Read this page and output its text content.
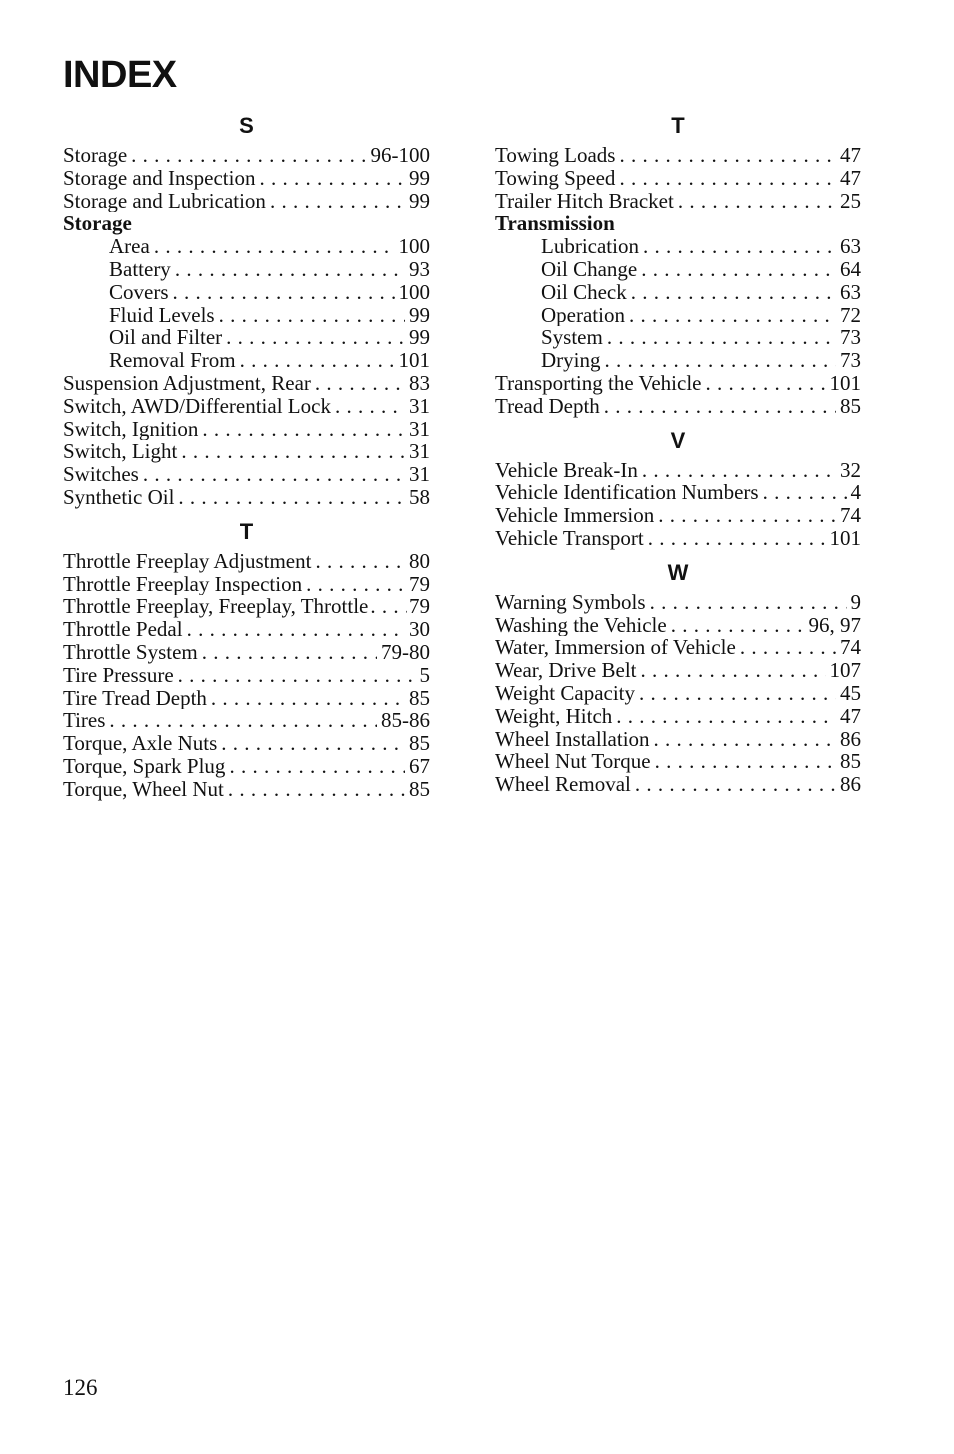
INDEX
S
Storage . . .	96-100
Storage and Inspection . . .	99
Storage and Lubrication . . .	99
Storage
Area . . .	100
Battery . . .	93
Covers . . .	100
Fluid Levels . . .	99
Oil and Filter . . .	99
Removal From . . .	101
Suspension Adjustment, Rear . . .	83
Switch, AWD/Differential Lock . . .	31
Switch, Ignition . . .	31
Switch, Light . . .	31
Switches . . .	31
Synthetic Oil . . .	58
T
Throttle Freeplay Adjustment . . .	80
Throttle Freeplay Inspection . . .	79
Throttle Freeplay, Freeplay, Throttle . . . 79
Throttle Pedal . . .	30
Throttle System . . .	79-80
Tire Pressure . . .	5
Tire Tread Depth . . .	85
Tires . . .	85-86
Torque, Axle Nuts . . .	85
Torque, Spark Plug . . .	67
Torque, Wheel Nut . . .	85
T
Towing Loads . . .	47
Towing Speed . . .	47
Trailer Hitch Bracket . . .	25
Transmission
Lubrication . . .	63
Oil Change . . .	64
Oil Check . . .	63
Operation . . .	72
System . . .	73
Drying . . .	73
Transporting the Vehicle . . .	101
Tread Depth . . .	85
V
Vehicle Break-In . . .	32
Vehicle Identification Numbers . . .	4
Vehicle Immersion . . .	74
Vehicle Transport . . .	101
W
Warning Symbols . . .	9
Washing the Vehicle . . .	96, 97
Water, Immersion of Vehicle . . .	74
Wear, Drive Belt . . .	107
Weight Capacity . . .	45
Weight, Hitch . . .	47
Wheel Installation . . .	86
Wheel Nut Torque . . .	85
Wheel Removal . . .	86
126
